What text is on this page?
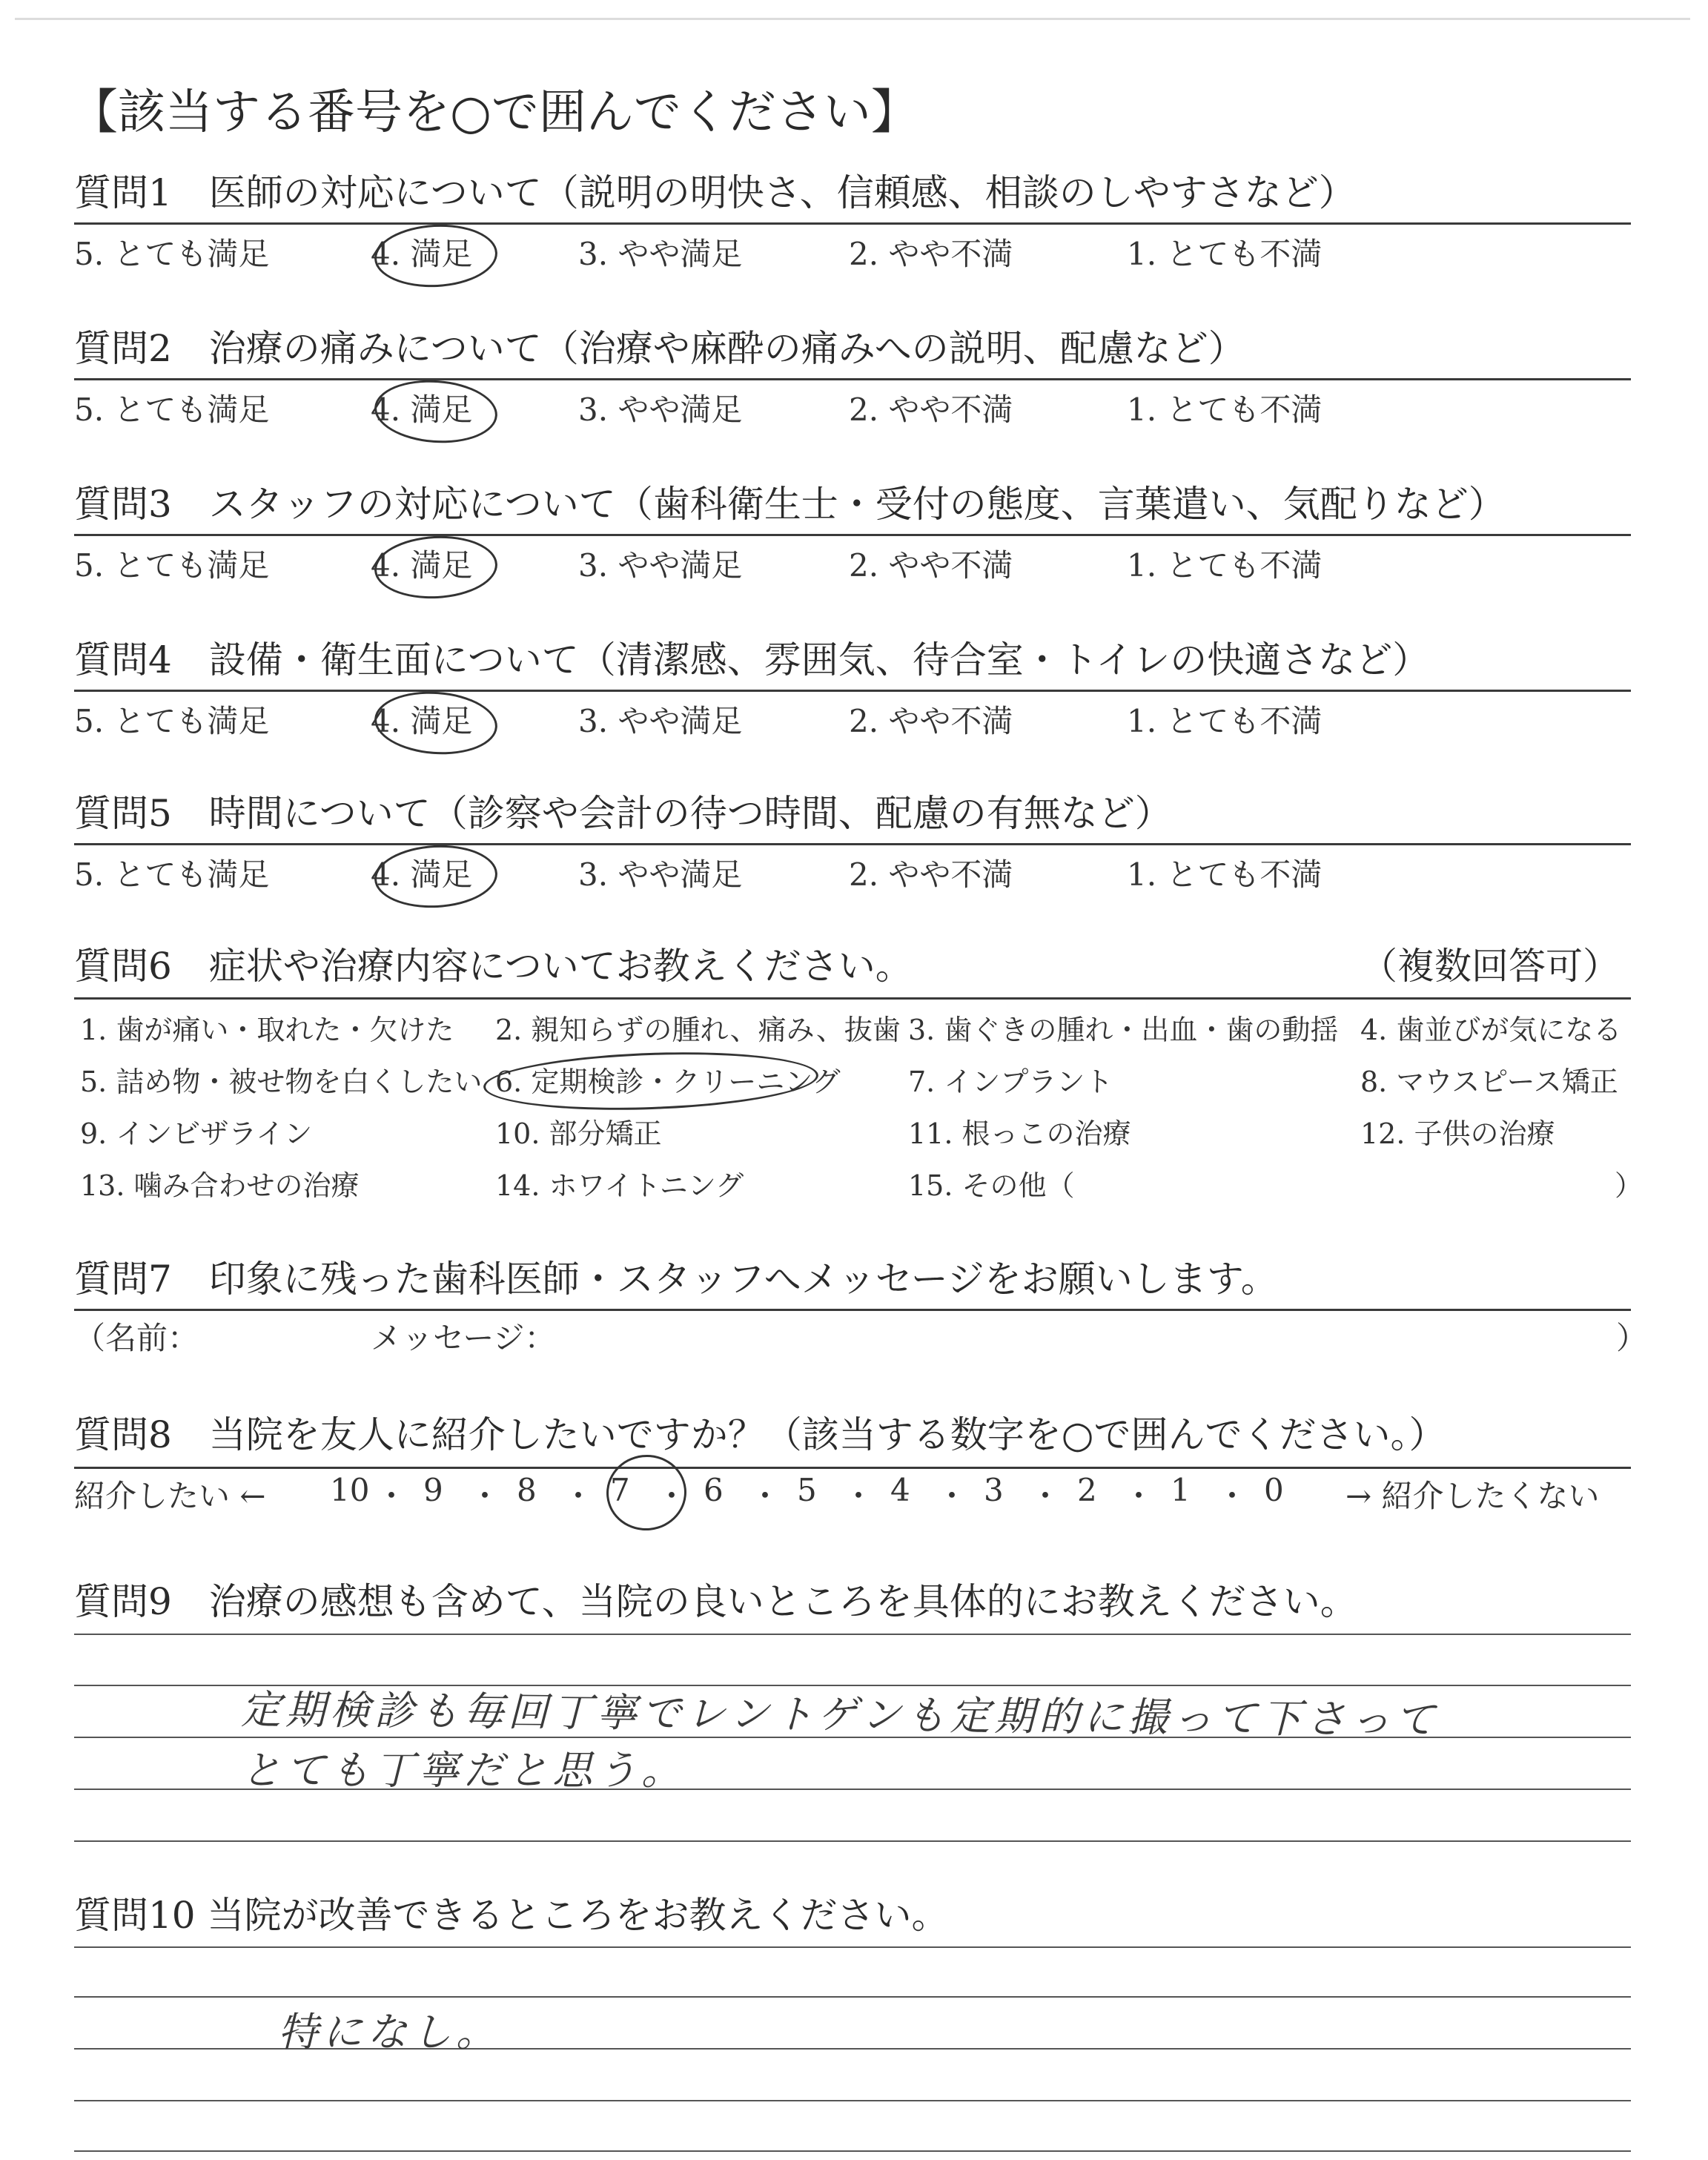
【該当する番号を○で囲んでください】
質問1　医師の対応について（説明の明快さ、信頼感、相談のしやすさなど）
5. とても満足	4. 満足	3. やや満足	2. やや不満	1. とても不満
質問2　治療の痛みについて（治療や麻酔の痛みへの説明、配慮など）
5. とても満足	4. 満足	3. やや満足	2. やや不満	1. とても不満
質問3　スタッフの対応について（歯科衛生士・受付の態度、言葉遣い、気配りなど）
5. とても満足	4. 満足	3. やや満足	2. やや不満	1. とても不満
質問4　設備・衛生面について（清潔感、雰囲気、待合室・トイレの快適さなど）
5. とても満足	4. 満足	3. やや満足	2. やや不満	1. とても不満
質問5　時間について（診察や会計の待つ時間、配慮の有無など）
5. とても満足	4. 満足	3. やや満足	2. やや不満	1. とても不満
質問6　症状や治療内容についてお教えください。	（複数回答可）
1. 歯が痛い・取れた・欠けた 2. 親知らずの腫れ、痛み、抜歯 3. 歯ぐきの腫れ・出血・歯の動揺 4. 歯並びが気になる
5. 詰め物・被せ物を白くしたい 6. 定期検診・クリーニング 7. インプラント	8. マウスピース矯正
9. インビザライン	10. 部分矯正	11. 根っこの治療	12. 子供の治療
13. 噛み合わせの治療	14. ホワイトニング	15. その他（	）
質問7　印象に残った歯科医師・スタッフへメッセージをお願いします。
（名前：	メッセージ：	）
質問8　当院を友人に紹介したいですか？（該当する数字を○で囲んでください。）
紹介したい ←	→ 紹介したくない
10 ・ 9 ・ 8 ・ 7 ・ 6 ・ 5 ・ 4 ・ 3 ・ 2 ・ 1 ・ 0
質問9　治療の感想も含めて、当院の良いところを具体的にお教えください。
定期検診も毎回丁寧でレントゲンも定期的に撮って下さって
とても丁寧だと思う。
質問10 当院が改善できるところをお教えください。
特になし。
